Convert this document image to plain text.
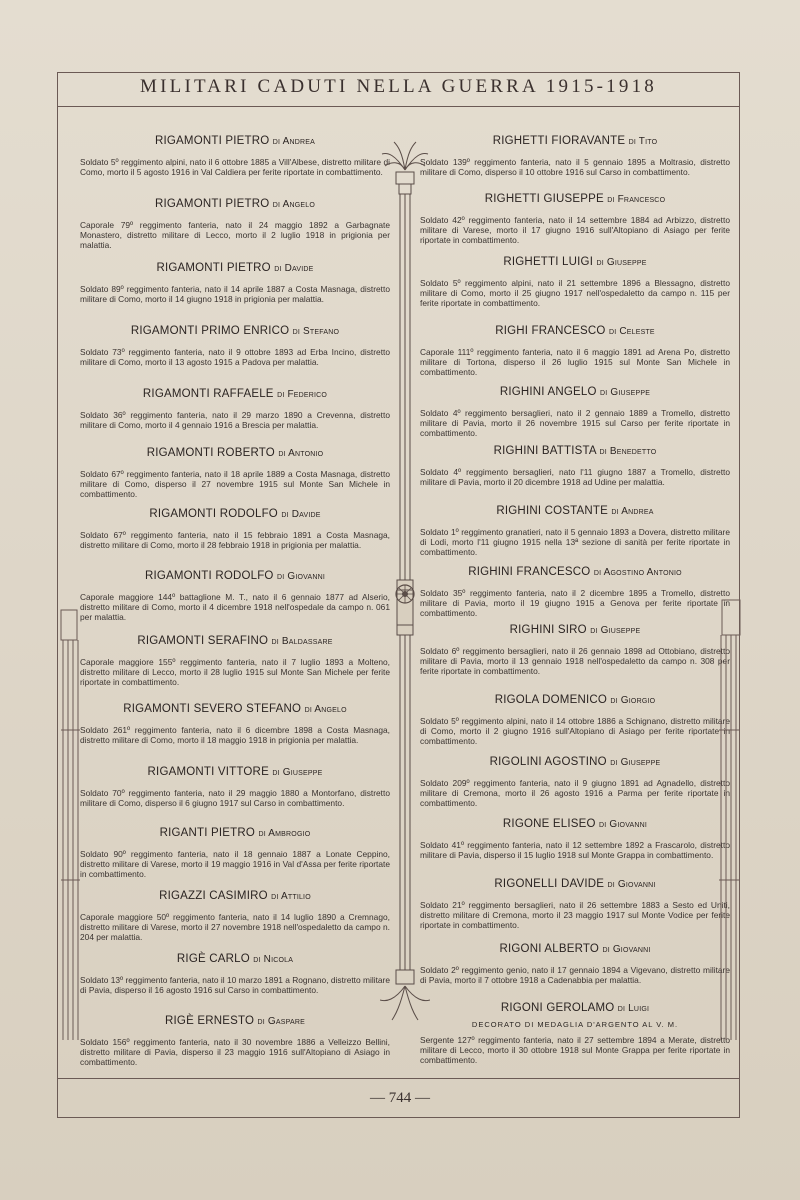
MILITARI CADUTI NELLA GUERRA 1915-1918
RIGAMONTI PIETRO di Andrea
Soldato 5º reggimento alpini, nato il 6 ottobre 1885 a Vill'Albese, distretto militare di Como, morto il 5 agosto 1916 in Val Caldiera per ferite riportate in combattimento.
RIGAMONTI PIETRO di Angelo
Caporale 79º reggimento fanteria, nato il 24 maggio 1892 a Garbagnate Monastero, distretto militare di Lecco, morto il 2 luglio 1918 in prigionia per malattia.
RIGAMONTI PIETRO di Davide
Soldato 89º reggimento fanteria, nato il 14 aprile 1887 a Costa Masnaga, distretto militare di Como, morto il 14 giugno 1918 in prigionia per malattia.
RIGAMONTI PRIMO ENRICO di Stefano
Soldato 73º reggimento fanteria, nato il 9 ottobre 1893 ad Erba Incino, distretto militare di Como, morto il 13 agosto 1915 a Padova per malattia.
RIGAMONTI RAFFAELE di Federico
Soldato 36º reggimento fanteria, nato il 29 marzo 1890 a Crevenna, distretto militare di Como, morto il 4 gennaio 1916 a Brescia per malattia.
RIGAMONTI ROBERTO di Antonio
Soldato 67º reggimento fanteria, nato il 18 aprile 1889 a Costa Masnaga, distretto militare di Como, disperso il 27 novembre 1915 sul Monte San Michele in combattimento.
RIGAMONTI RODOLFO di Davide
Soldato 67º reggimento fanteria, nato il 15 febbraio 1891 a Costa Masnaga, distretto militare di Como, morto il 28 febbraio 1918 in prigionia per malattia.
RIGAMONTI RODOLFO di Giovanni
Caporale maggiore 144º battaglione M. T., nato il 6 gennaio 1877 ad Alserio, distretto militare di Como, morto il 4 dicembre 1918 nell'ospedale da campo n. 061 per malattia.
RIGAMONTI SERAFINO di Baldassare
Caporale maggiore 155º reggimento fanteria, nato il 7 luglio 1893 a Molteno, distretto militare di Lecco, morto il 28 luglio 1915 sul Monte San Michele per ferite riportate in combattimento.
RIGAMONTI SEVERO STEFANO di Angelo
Soldato 261º reggimento fanteria, nato il 6 dicembre 1898 a Costa Masnaga, distretto militare di Como, morto il 18 maggio 1918 in prigionia per malattia.
RIGAMONTI VITTORE di Giuseppe
Soldato 70º reggimento fanteria, nato il 29 maggio 1880 a Montorfano, distretto militare di Como, disperso il 6 giugno 1917 sul Carso in combattimento.
RIGANTI PIETRO di Ambrogio
Soldato 90º reggimento fanteria, nato il 18 gennaio 1887 a Lonate Ceppino, distretto militare di Varese, morto il 19 maggio 1916 in Val d'Assa per ferite riportate in combattimento.
RIGAZZI CASIMIRO di Attilio
Caporale maggiore 50º reggimento fanteria, nato il 14 luglio 1890 a Cremnago, distretto militare di Varese, morto il 27 novembre 1918 nell'ospedaletto da campo n. 204 per malattia.
RIGÈ CARLO di Nicola
Soldato 13º reggimento fanteria, nato il 10 marzo 1891 a Rognano, distretto militare di Pavia, disperso il 16 agosto 1916 sul Carso in combattimento.
RIGÈ ERNESTO di Gaspare
Soldato 156º reggimento fanteria, nato il 30 novembre 1886 a Velleizzo Bellini, distretto militare di Pavia, disperso il 23 maggio 1916 sull'Altopiano di Asiago in combattimento.
RIGHETTI FIORAVANTE di Tito
Soldato 139º reggimento fanteria, nato il 5 gennaio 1895 a Moltrasio, distretto militare di Como, disperso il 10 ottobre 1916 sul Carso in combattimento.
RIGHETTI GIUSEPPE di Francesco
Soldato 42º reggimento fanteria, nato il 14 settembre 1884 ad Arbizzo, distretto militare di Varese, morto il 17 giugno 1916 sull'Altopiano di Asiago per ferite riportate in combattimento.
RIGHETTI LUIGI di Giuseppe
Soldato 5º reggimento alpini, nato il 21 settembre 1896 a Blessagno, distretto militare di Como, morto il 25 giugno 1917 nell'ospedaletto da campo n. 115 per ferite riportate in combattimento.
RIGHI FRANCESCO di Celeste
Caporale 111º reggimento fanteria, nato il 6 maggio 1891 ad Arena Po, distretto militare di Tortona, disperso il 26 luglio 1915 sul Monte San Michele in combattimento.
RIGHINI ANGELO di Giuseppe
Soldato 4º reggimento bersaglieri, nato il 2 gennaio 1889 a Tromello, distretto militare di Pavia, morto il 26 novembre 1915 sul Carso per ferite riportate in combattimento.
RIGHINI BATTISTA di Benedetto
Soldato 4º reggimento bersaglieri, nato l'11 giugno 1887 a Tromello, distretto militare di Pavia, morto il 20 dicembre 1918 ad Udine per malattia.
RIGHINI COSTANTE di Andrea
Soldato 1º reggimento granatieri, nato il 5 gennaio 1893 a Dovera, distretto militare di Lodi, morto l'11 giugno 1915 nella 13ª sezione di sanità per ferite riportate in combattimento.
RIGHINI FRANCESCO di Agostino Antonio
Soldato 35º reggimento fanteria, nato il 2 dicembre 1895 a Tromello, distretto militare di Pavia, morto il 19 giugno 1915 a Genova per ferite riportate in combattimento.
RIGHINI SIRO di Giuseppe
Soldato 6º reggimento bersaglieri, nato il 26 gennaio 1898 ad Ottobiano, distretto militare di Pavia, morto il 13 gennaio 1918 nell'ospedaletto da campo n. 308 per ferite riportate in combattimento.
RIGOLA DOMENICO di Giorgio
Soldato 5º reggimento alpini, nato il 14 ottobre 1886 a Schignano, distretto militare di Como, morto il 2 giugno 1916 sull'Altopiano di Asiago per ferite riportate in combattimento.
RIGOLINI AGOSTINO di Giuseppe
Soldato 209º reggimento fanteria, nato il 9 giugno 1891 ad Agnadello, distretto militare di Cremona, morto il 26 agosto 1916 a Parma per ferite riportate in combattimento.
RIGONE ELISEO di Giovanni
Soldato 41º reggimento fanteria, nato il 12 settembre 1892 a Frascarolo, distretto militare di Pavia, disperso il 15 luglio 1918 sul Monte Grappa in combattimento.
RIGONELLI DAVIDE di Giovanni
Soldato 21º reggimento bersaglieri, nato il 26 settembre 1883 a Sesto ed Uniti, distretto militare di Cremona, morto il 23 maggio 1917 sul Monte Vodice per ferite riportate in combattimento.
RIGONI ALBERTO di Giovanni
Soldato 2º reggimento genio, nato il 17 gennaio 1894 a Vigevano, distretto militare di Pavia, morto il 7 ottobre 1918 a Cadenabbia per malattia.
RIGONI GEROLAMO di Luigi
DECORATO DI MEDAGLIA D'ARGENTO AL V. M.
Sergente 127º reggimento fanteria, nato il 27 settembre 1894 a Merate, distretto militare di Lecco, morto il 30 ottobre 1918 sul Monte Grappa per ferite riportate in combattimento.
— 744 —
